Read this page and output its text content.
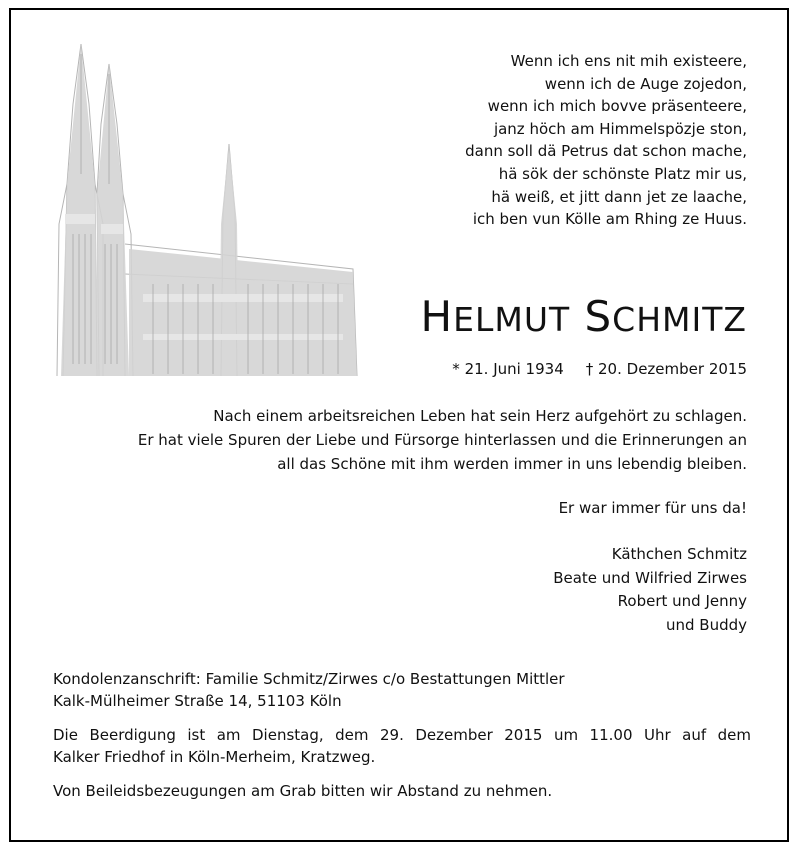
Wenn ich ens nit mih existeere,
wenn ich de Auge zojedon,
wenn ich mich bovve präsenteere,
janz höch am Himmelspözje ston,
dann soll dä Petrus dat schon mache,
hä sök der schönste Platz mir us,
hä weiß, et jitt dann jet ze laache,
ich ben vun Kölle am Rhing ze Huus.
HELMUT SCHMITZ
* 21. Juni 1934 † 20. Dezember 2015
Nach einem arbeitsreichen Leben hat sein Herz aufgehört zu schlagen.
Er hat viele Spuren der Liebe und Fürsorge hinterlassen und die Erinnerungen an
all das Schöne mit ihm werden immer in uns lebendig bleiben.
Er war immer für uns da!
Käthchen Schmitz
Beate und Wilfried Zirwes
Robert und Jenny
und Buddy

Kondolenzanschrift: Familie Schmitz/Zirwes c/o Bestattungen Mittler
Kalk-Mülheimer Straße 14, 51103 Köln

Die Beerdigung ist am Dienstag, dem 29. Dezember 2015 um 11.00 Uhr auf dem
Kalker Friedhof in Köln-Merheim, Kratzweg.

Von Beileidsbezeugungen am Grab bitten wir Abstand zu nehmen.
